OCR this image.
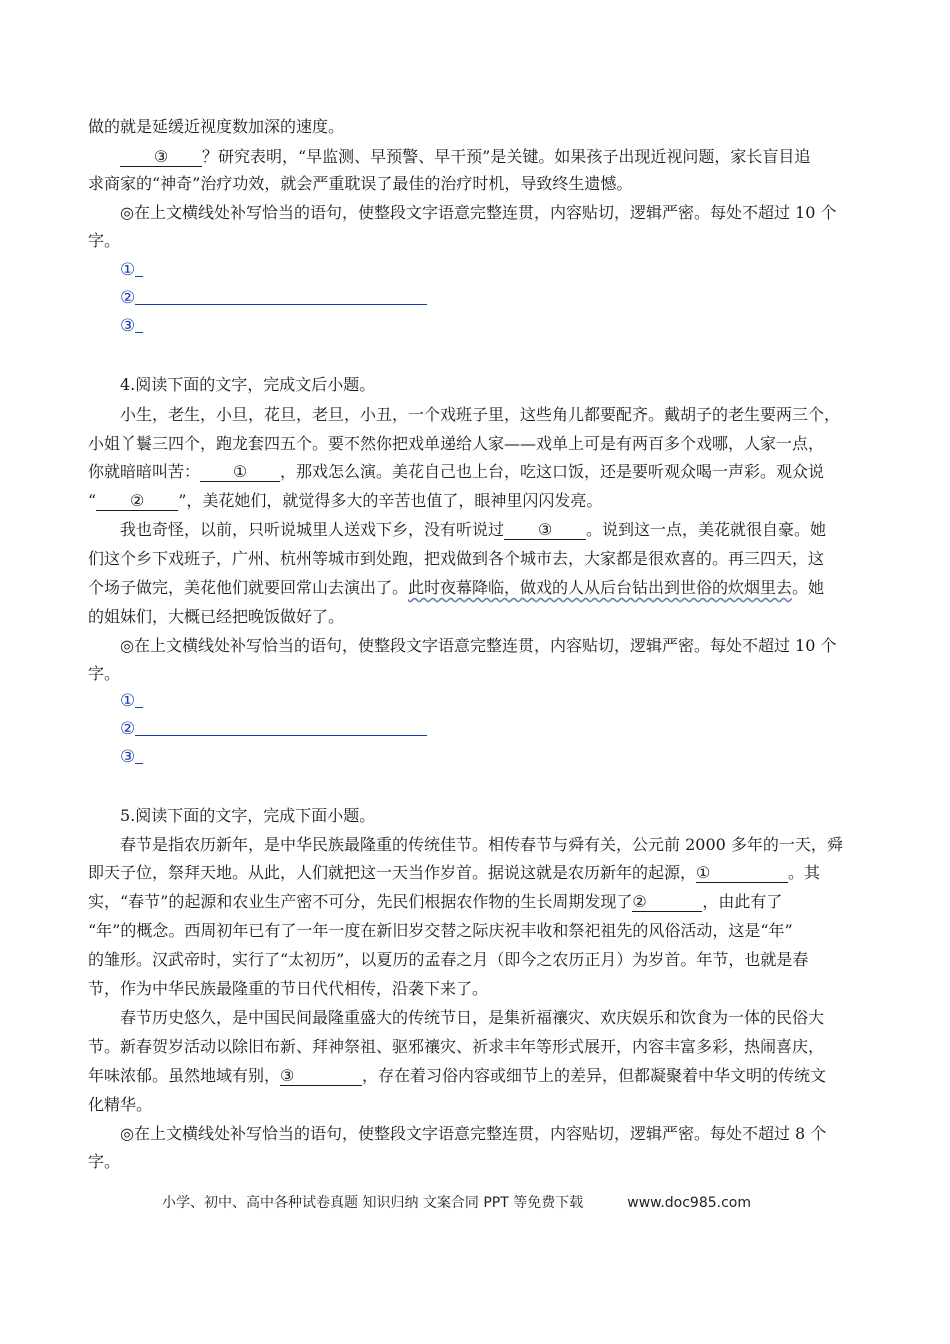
做的就是延缓近视度数加深的速度。
③ ？研究表明，“早监测、早预警、早干预”是关键。如果孩子出现近视问题，家长盲目追
求商家的“神奇”治疗功效，就会严重耽误了最佳的治疗时机，导致终生遗憾。
◎在上文横线处补写恰当的语句，使整段文字语意完整连贯，内容贴切，逻辑严密。每处不超过 10 个
字。
①
②
③
4.阅读下面的文字，完成文后小题。
小生，老生，小旦，花旦，老旦，小丑，一个戏班子里，这些角儿都要配齐。戴胡子的老生要两三个，
小姐丫鬟三四个，跑龙套四五个。要不然你把戏单递给人家——戏单上可是有两百多个戏哪，人家一点，
你就暗暗叫苦： ① ，那戏怎么演。美花自己也上台，吃这口饭，还是要听观众喝一声彩。观众说
“ ② ”，美花她们，就觉得多大的辛苦也值了，眼神里闪闪发亮。
我也奇怪，以前，只听说城里人送戏下乡，没有听说过 ③ 。说到这一点，美花就很自豪。她
们这个乡下戏班子，广州、杭州等城市到处跑，把戏做到各个城市去，大家都是很欢喜的。再三四天，这
个场子做完，美花他们就要回常山去演出了。此时夜幕降临，做戏的人从后台钻出到世俗的炊烟里去。她
的姐妹们，大概已经把晚饭做好了。
◎在上文横线处补写恰当的语句，使整段文字语意完整连贯，内容贴切，逻辑严密。每处不超过 10 个
字。
①
②
③
5.阅读下面的文字，完成下面小题。
春节是指农历新年，是中华民族最隆重的传统佳节。相传春节与舜有关，公元前 2000 多年的一天，舜
即天子位，祭拜天地。从此，人们就把这一天当作岁首。据说这就是农历新年的起源，①	。其
实，“春节”的起源和农业生产密不可分，先民们根据农作物的生长周期发现了②	，由此有了
“年”的概念。西周初年已有了一年一度在新旧岁交替之际庆祝丰收和祭祀祖先的风俗活动，这是“年”
的雏形。汉武帝时，实行了“太初历”，以夏历的孟春之月（即今之农历正月）为岁首。年节，也就是春
节，作为中华民族最隆重的节日代代相传，沿袭下来了。
春节历史悠久，是中国民间最隆重盛大的传统节日，是集祈福禳灾、欢庆娱乐和饮食为一体的民俗大
节。新春贺岁活动以除旧布新、拜神祭祖、驱邪禳灾、祈求丰年等形式展开，内容丰富多彩，热闹喜庆，
年味浓郁。虽然地域有别，③	，存在着习俗内容或细节上的差异，但都凝聚着中华文明的传统文
化精华。
◎在上文横线处补写恰当的语句，使整段文字语意完整连贯，内容贴切，逻辑严密。每处不超过 8 个
字。
小学、初中、高中各种试卷真题 知识归纳 文案合同 PPT 等免费下载	www.doc985.com
